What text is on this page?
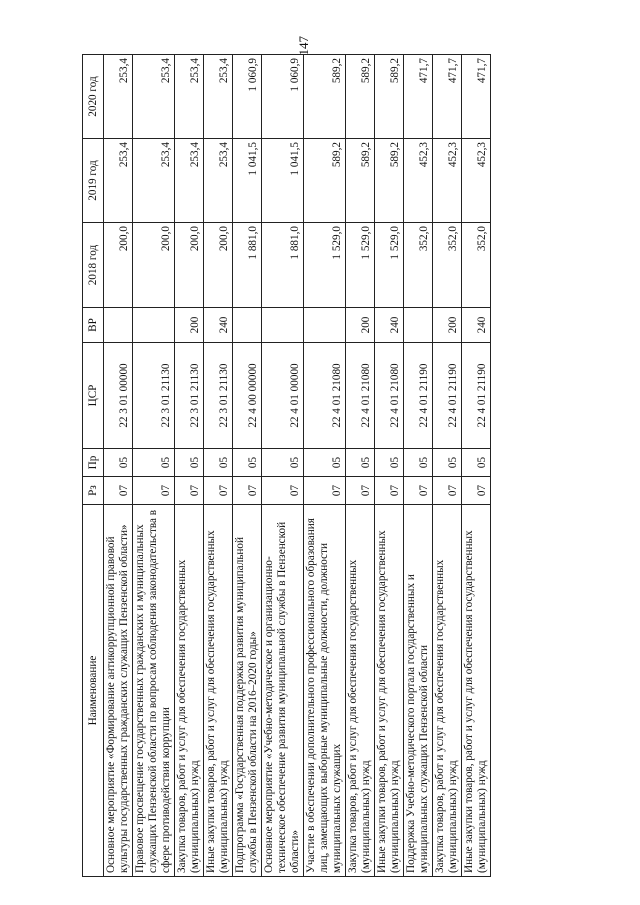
147
Наименование	Рз	Пр	ЦСР	ВР	2018 год	2019 год	2020 год
Основное мероприятие «Формирование антикоррупционной правовой культуры государственных гражданских служащих Пензенской области»	07	05	22 3 01 00000		200,0	253,4	253,4
Правовое просвещение государственных гражданских и муниципальных служащих Пензенской области по вопросам соблюдения законодательства в сфере противодействия коррупции	07	05	22 3 01 21130		200,0	253,4	253,4
Закупка товаров, работ и услуг для обеспечения государственных (муниципальных) нужд	07	05	22 3 01 21130	200	200,0	253,4	253,4
Иные закупки товаров, работ и услуг для обеспечения государственных (муниципальных) нужд	07	05	22 3 01 21130	240	200,0	253,4	253,4
Подпрограмма «Государственная поддержка развития муниципальной службы в Пензенской области на 2016–2020 годы»	07	05	22 4 00 00000		1 881,0	1 041,5	1 060,9
Основное мероприятие «Учебно-методическое и организационно-техническое обеспечение развития муниципальной службы в Пензенской области»	07	05	22 4 01 00000		1 881,0	1 041,5	1 060,9
Участие в обеспечении дополнительного профессионального образования лиц, замещающих выборные муниципальные должности, должности муниципальных служащих	07	05	22 4 01 21080		1 529,0	589,2	589,2
Закупка товаров, работ и услуг для обеспечения государственных (муниципальных) нужд	07	05	22 4 01 21080	200	1 529,0	589,2	589,2
Иные закупки товаров, работ и услуг для обеспечения государственных (муниципальных) нужд	07	05	22 4 01 21080	240	1 529,0	589,2	589,2
Поддержка Учебно-методического портала государственных и муниципальных служащих Пензенской области	07	05	22 4 01 21190		352,0	452,3	471,7
Закупка товаров, работ и услуг для обеспечения государственных (муниципальных) нужд	07	05	22 4 01 21190	200	352,0	452,3	471,7
Иные закупки товаров, работ и услуг для обеспечения государственных (муниципальных) нужд	07	05	22 4 01 21190	240	352,0	452,3	471,7
